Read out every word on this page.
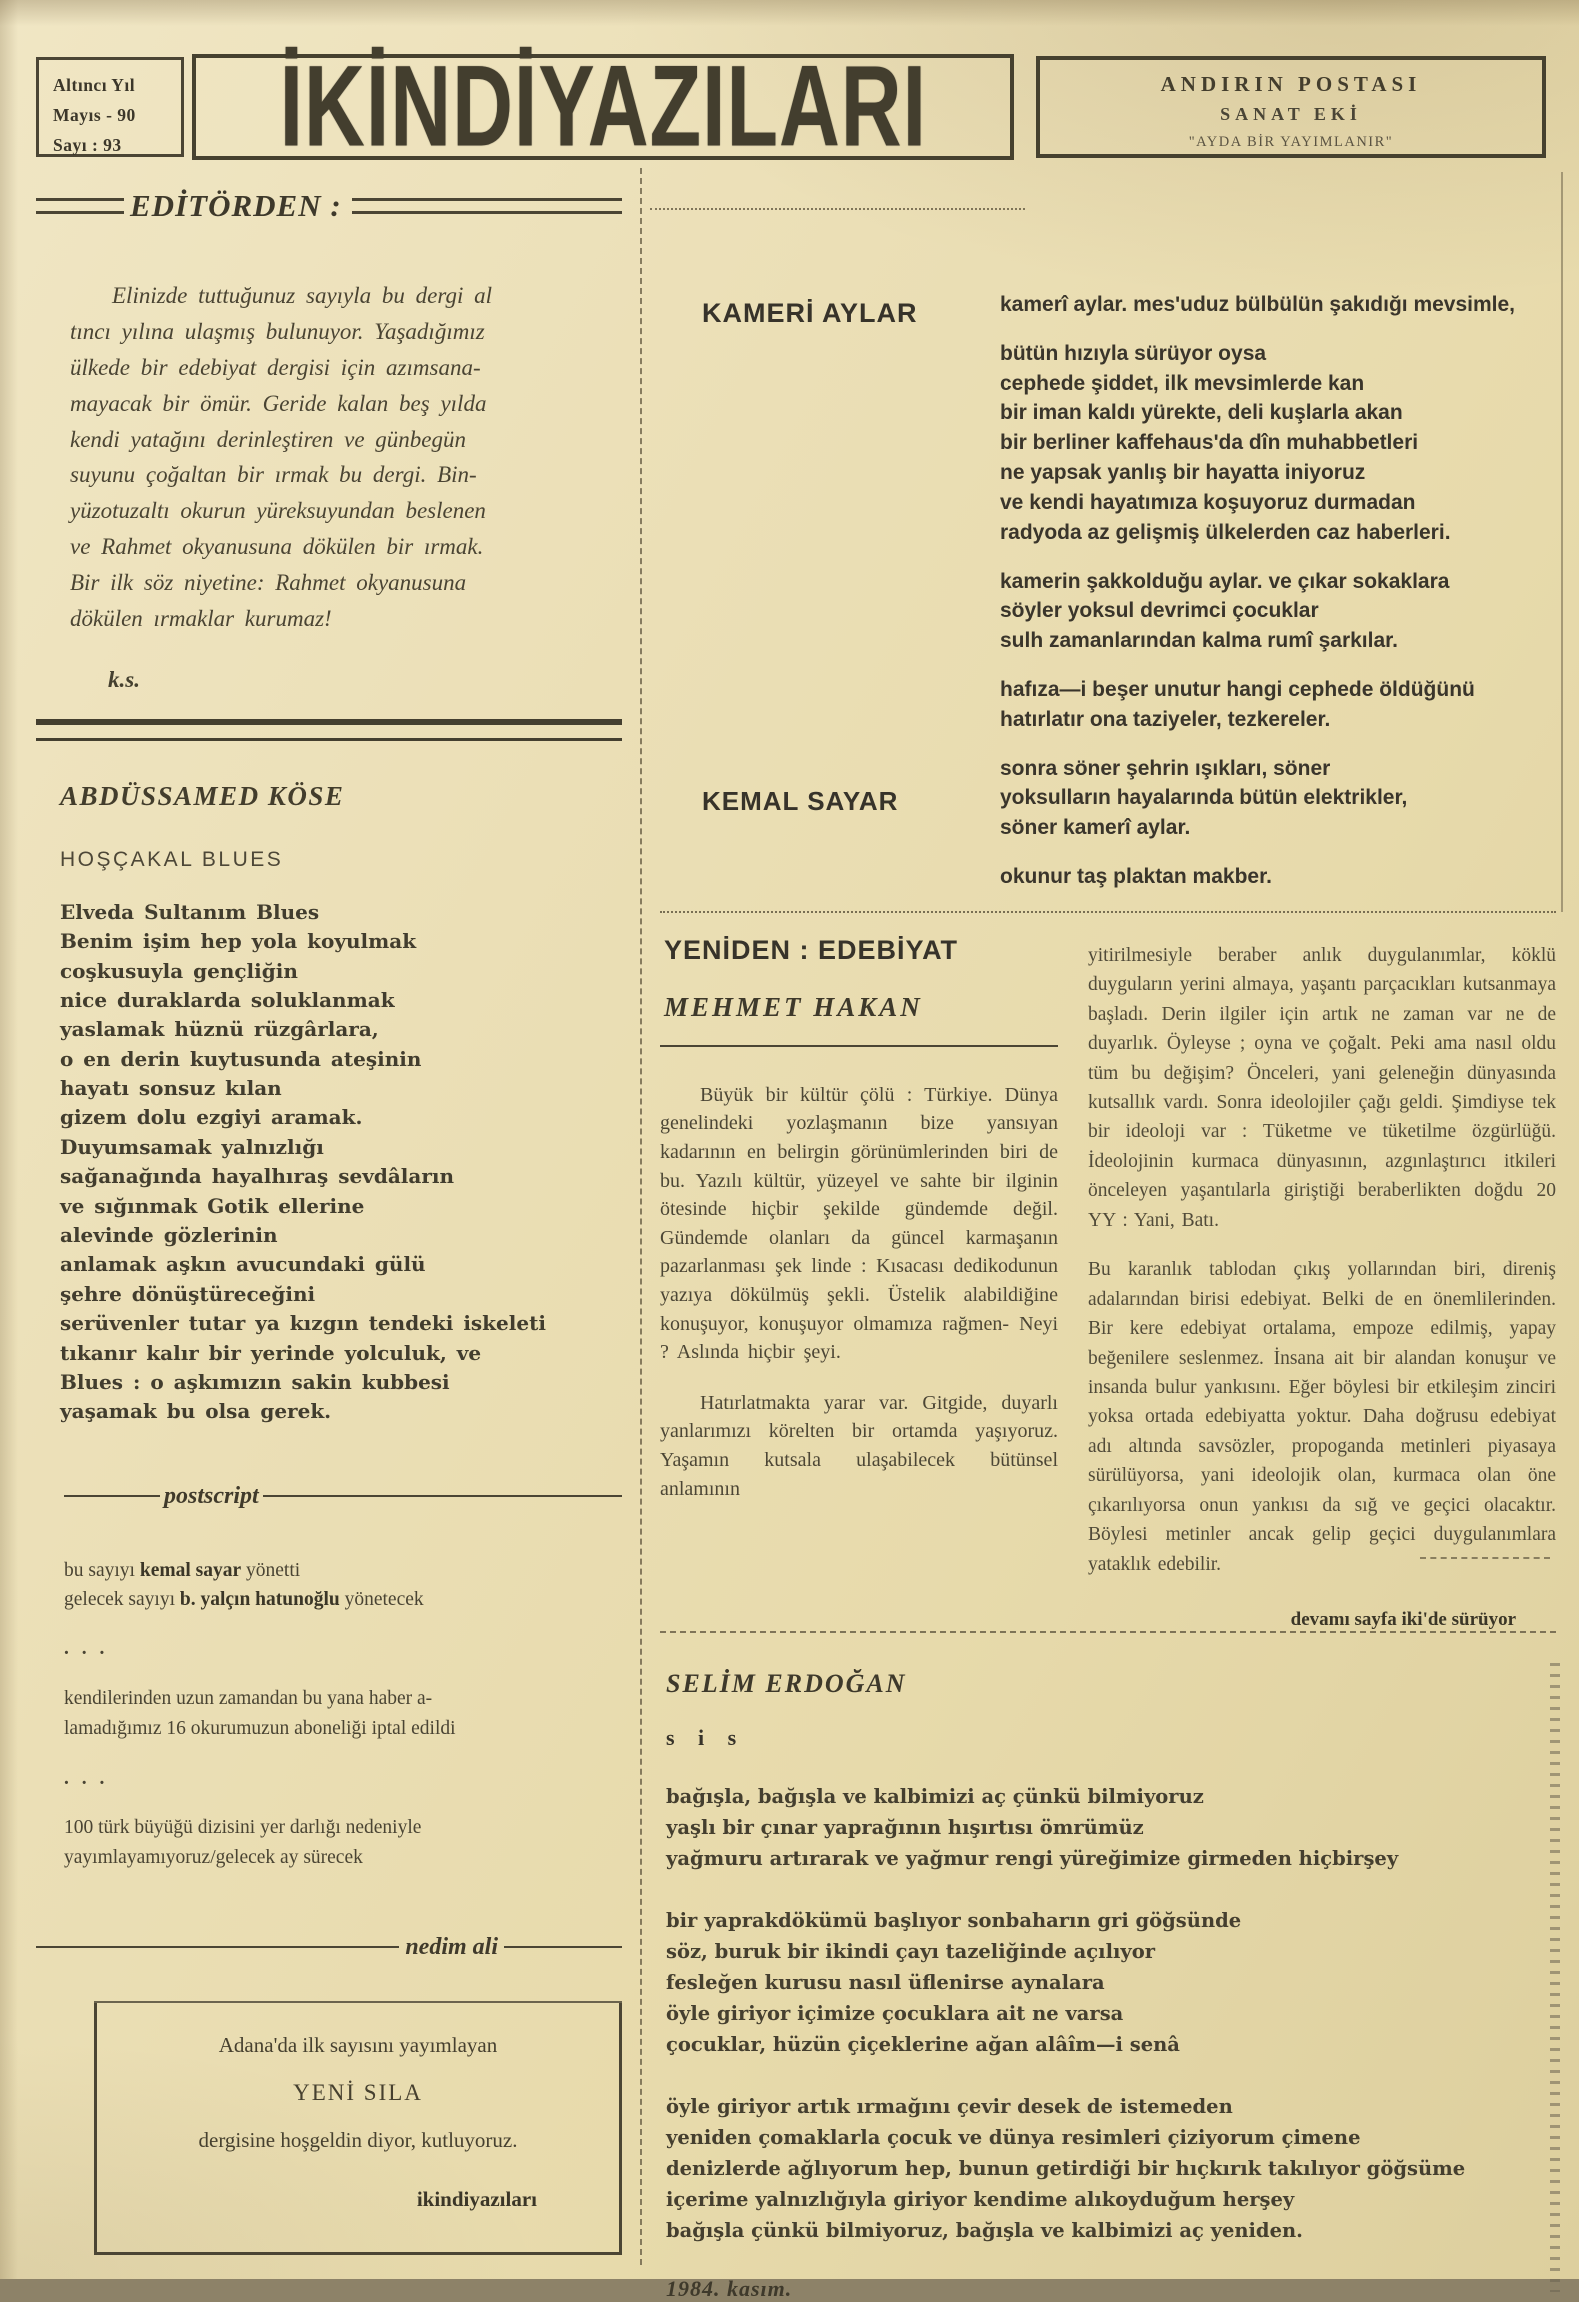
Altıncı Yıl
Mayıs - 90
Sayı : 93	İKİNDİYAZILARI	ANDIRIN POSTASI
SANAT EKİ
"AYDA BİR YAYIMLANIR"
EDİTÖRDEN :
Elinizde tuttuğunuz sayıyla bu dergi al
tıncı yılına ulaşmış bulunuyor. Yaşadığımız
ülkede bir edebiyat dergisi için azımsana-
mayacak bir ömür. Geride kalan beş yılda
kendi yatağını derinleştiren ve günbegün
suyunu çoğaltan bir ırmak bu dergi. Bin-
yüzotuzaltı okurun yüreksuyundan beslenen
ve Rahmet okyanusuna dökülen bir ırmak.
Bir ilk söz niyetine: Rahmet okyanusuna
dökülen ırmaklar kurumaz!
k.s.
ABDÜSSAMED KÖSE
HOŞÇAKAL BLUES
Elveda Sultanım Blues
Benim işim hep yola koyulmak
coşkusuyla gençliğin
nice duraklarda soluklanmak
yaslamak hüznü rüzgârlara,
o en derin kuytusunda ateşinin
hayatı sonsuz kılan
gizem dolu ezgiyi aramak.
Duyumsamak yalnızlığı
sağanağında hayalhıraş sevdâların
ve sığınmak Gotik ellerine
alevinde gözlerinin
anlamak aşkın avucundaki gülü
şehre dönüştüreceğini
serüvenler tutar ya kızgın tendeki iskeleti
tıkanır kalır bir yerinde yolculuk, ve
Blues : o aşkımızın sakin kubbesi
yaşamak bu olsa gerek.
postscript
bu sayıyı kemal sayar yönetti
gelecek sayıyı b. yalçın hatunoğlu yönetecek
. . .
kendilerinden uzun zamandan bu yana haber a-
lamadığımız 16 okurumuzun aboneliği iptal edildi
. . .
100 türk büyüğü dizisini yer darlığı nedeniyle
yayımlayamıyoruz/gelecek ay sürecek
nedim ali
Adana'da ilk sayısını yayımlayan
YENİ SILA
dergisine hoşgeldin diyor, kutluyoruz.
ikindiyazıları
KAMERİ AYLAR
KEMAL SAYAR
kamerî aylar. mes'uduz bülbülün şakıdığı mevsimle,
bütün hızıyla sürüyor oysa
cephede şiddet, ilk mevsimlerde kan
bir iman kaldı yürekte, deli kuşlarla akan
bir berliner kaffehaus'da dîn muhabbetleri
ne yapsak yanlış bir hayatta iniyoruz
ve kendi hayatımıza koşuyoruz durmadan
radyoda az gelişmiş ülkelerden caz haberleri.
kamerin şakkolduğu aylar. ve çıkar sokaklara
söyler yoksul devrimci çocuklar
sulh zamanlarından kalma rumî şarkılar.
hafıza—i beşer unutur hangi cephede öldüğünü
hatırlatır ona taziyeler, tezkereler.
sonra söner şehrin ışıkları, söner
yoksulların hayalarında bütün elektrikler,
söner kamerî aylar.
okunur taş plaktan makber.
YENİDEN : EDEBİYAT
MEHMET HAKAN

Büyük bir kültür çölü : Türkiye. Dünya genelindeki yozlaşmanın bize yansıyan kadarının en belirgin görünümlerinden biri de bu. Yazılı kültür, yüzeyel ve sahte bir ilginin ötesinde hiçbir şekilde gündemde değil. Gündemde olanları da güncel karmaşanın pazarlanması şek linde : Kısacası dedikodunun yazıya dökülmüş şekli. Üstelik alabildiğine konuşuyor, konuşuyor olmamıza rağmen- Neyi ? Aslında hiçbir şeyi.

Hatırlatmakta yarar var. Gitgide, duyarlı yanlarımızı körelten bir ortamda yaşıyoruz. Yaşamın kutsala ulaşabilecek bütünsel anlamının

yitirilmesiyle beraber anlık duygulanımlar, köklü duyguların yerini almaya, yaşantı parçacıkları kutsanmaya başladı. Derin ilgiler için artık ne zaman var ne de duyarlık. Öyleyse ; oyna ve çoğalt. Peki ama nasıl oldu tüm bu değişim? Önceleri, yani geleneğin dünyasında kutsallık vardı. Sonra ideolojiler çağı geldi. Şimdiyse tek bir ideoloji var : Tüketme ve tüketilme özgürlüğü. İdeolojinin kurmaca dünyasının, azgınlaştırıcı itkileri önceleyen yaşantılarla giriştiği beraberlikten doğdu 20 YY : Yani, Batı.

Bu karanlık tablodan çıkış yollarından biri, direniş adalarından birisi edebiyat. Belki de en önemlilerinden. Bir kere edebiyat ortalama, empoze edilmiş, yapay beğenilere seslenmez. İnsana ait bir alandan konuşur ve insanda bulur yankısını. Eğer böylesi bir etkileşim zinciri yoksa ortada edebiyatta yoktur. Daha doğrusu edebiyat adı altında savsözler, propoganda metinleri piyasaya sürülüyorsa, yani ideolojik olan, kurmaca olan öne çıkarılıyorsa onun yankısı da sığ ve geçici olacaktır. Böylesi metinler ancak gelip geçici duygulanımlara yataklık edebilir.

devamı sayfa iki'de sürüyor
SELİM ERDOĞAN
s i s
bağışla, bağışla ve kalbimizi aç çünkü bilmiyoruz
yaşlı bir çınar yaprağının hışırtısı ömrümüz
yağmuru artırarak ve yağmur rengi yüreğimize girmeden hiçbirşey
bir yaprakdökümü başlıyor sonbaharın gri göğsünde
söz, buruk bir ikindi çayı tazeliğinde açılıyor
fesleğen kurusu nasıl üflenirse aynalara
öyle giriyor içimize çocuklara ait ne varsa
çocuklar, hüzün çiçeklerine ağan alâîm—i senâ
öyle giriyor artık ırmağını çevir desek de istemeden
yeniden çomaklarla çocuk ve dünya resimleri çiziyorum çimene
denizlerde ağlıyorum hep, bunun getirdiği bir hıçkırık takılıyor göğsüme
içerime yalnızlığıyla giriyor kendime alıkoyduğum herşey
bağışla çünkü bilmiyoruz, bağışla ve kalbimizi aç yeniden.
1984. kasım.
